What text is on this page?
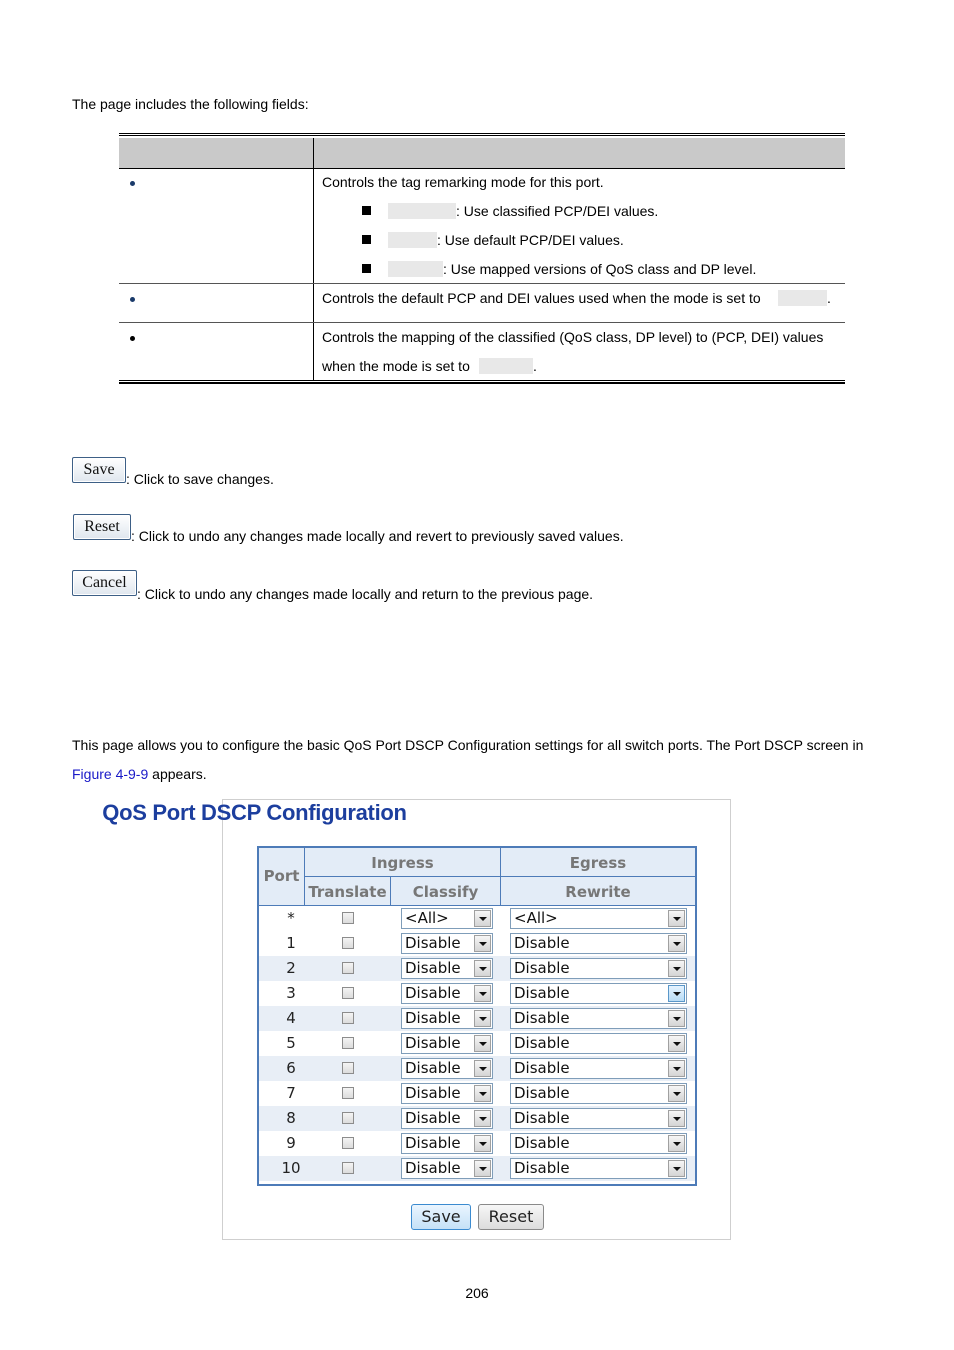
The page includes the following fields:
Controls the tag remarking mode for this port.
: Use classified PCP/DEI values.
: Use default PCP/DEI values.
: Use mapped versions of QoS class and DP level.
Controls the default PCP and DEI values used when the mode is set to	.
Controls the mapping of the classified (QoS class, DP level) to (PCP, DEI) values
when the mode is set to	.
Save
: Click to save changes.
Reset
: Click to undo any changes made locally and revert to previously saved values.
Cancel
: Click to undo any changes made locally and return to the previous page.
This page allows you to configure the basic QoS Port DSCP Configuration settings for all switch ports. The Port DSCP screen in
Figure 4-9-9 appears.
QoS Port DSCP Configuration
Port
Ingress	Egress
Translate	Classify	Rewrite
*	<All>	<All>
1	Disable	Disable
2	Disable	Disable
3	Disable	Disable
4	Disable	Disable
5	Disable	Disable
6	Disable	Disable
7	Disable	Disable
8	Disable	Disable
9	Disable	Disable
10	Disable	Disable
Save	Reset
206
